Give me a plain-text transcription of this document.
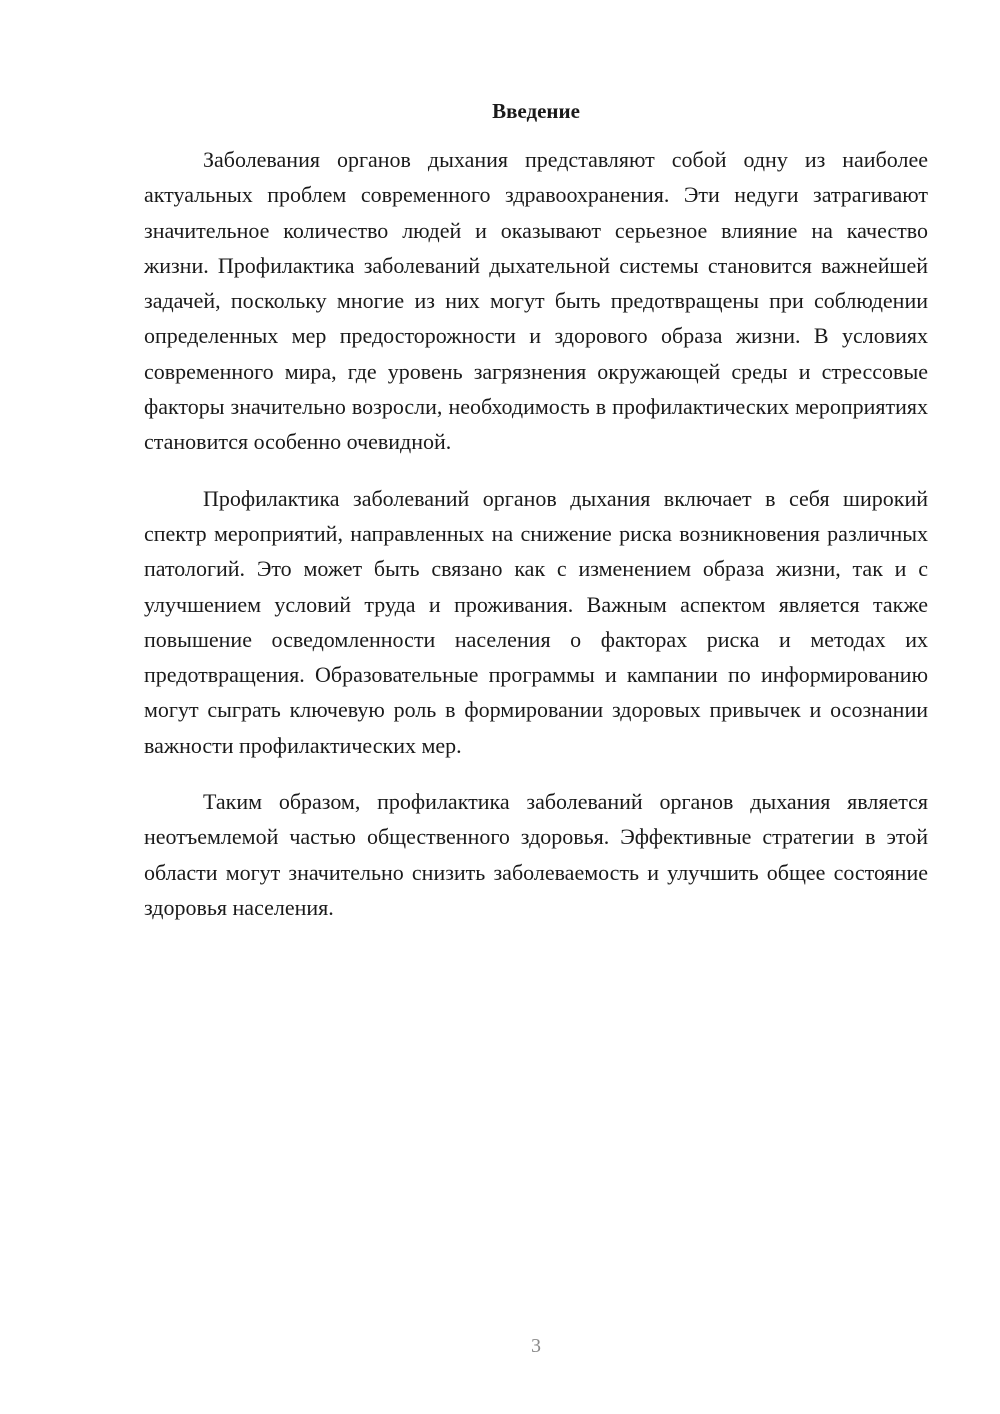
Введение

Заболевания органов дыхания представляют собой одну из наиболее актуальных проблем современного здравоохранения. Эти недуги затрагивают значительное количество людей и оказывают серьезное влияние на качество жизни. Профилактика заболеваний дыхательной системы становится важнейшей задачей, поскольку многие из них могут быть предотвращены при соблюдении определенных мер предосторожности и здорового образа жизни. В условиях современного мира, где уровень загрязнения окружающей среды и стрессовые факторы значительно возросли, необходимость в профилактических мероприятиях становится особенно очевидной.

Профилактика заболеваний органов дыхания включает в себя широкий спектр мероприятий, направленных на снижение риска возникновения различных патологий. Это может быть связано как с изменением образа жизни, так и с улучшением условий труда и проживания. Важным аспектом является также повышение осведомленности населения о факторах риска и методах их предотвращения. Образовательные программы и кампании по информированию могут сыграть ключевую роль в формировании здоровых привычек и осознании важности профилактических мер.

Таким образом, профилактика заболеваний органов дыхания является неотъемлемой частью общественного здоровья. Эффективные стратегии в этой области могут значительно снизить заболеваемость и улучшить общее состояние здоровья населения.

3
